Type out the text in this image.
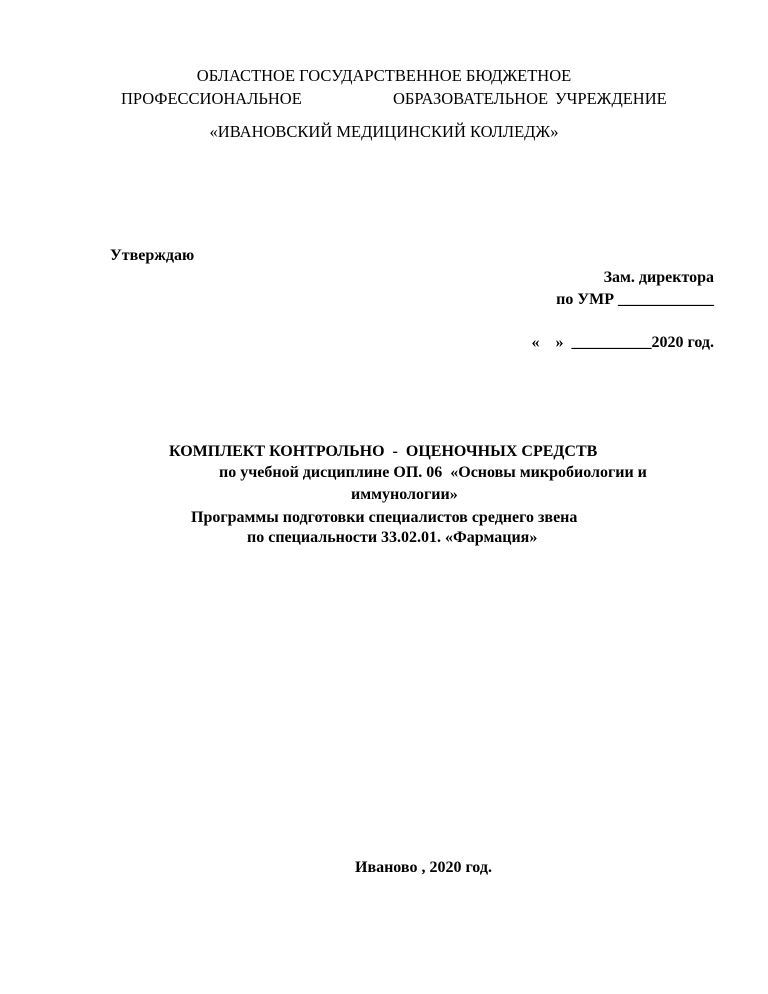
ОБЛАСТНОЕ ГОСУДАРСТВЕННОЕ БЮДЖЕТНОЕ
ПРОФЕССИОНАЛЬНОЕ	ОБРАЗОВАТЕЛЬНОЕ УЧРЕЖДЕНИЕ
«ИВАНОВСКИЙ МЕДИЦИНСКИЙ КОЛЛЕДЖ»
Утверждаю
Зам. директора
по УМР ____________
«    »  __________2020 год.
КОМПЛЕКТ КОНТРОЛЬНО  -  ОЦЕНОЧНЫХ СРЕДСТВ
по учебной дисциплине ОП. 06  «Основы микробиологии и
иммунологии»
Программы подготовки специалистов среднего звена
по специальности 33.02.01. «Фармация»
Иваново , 2020 год.
